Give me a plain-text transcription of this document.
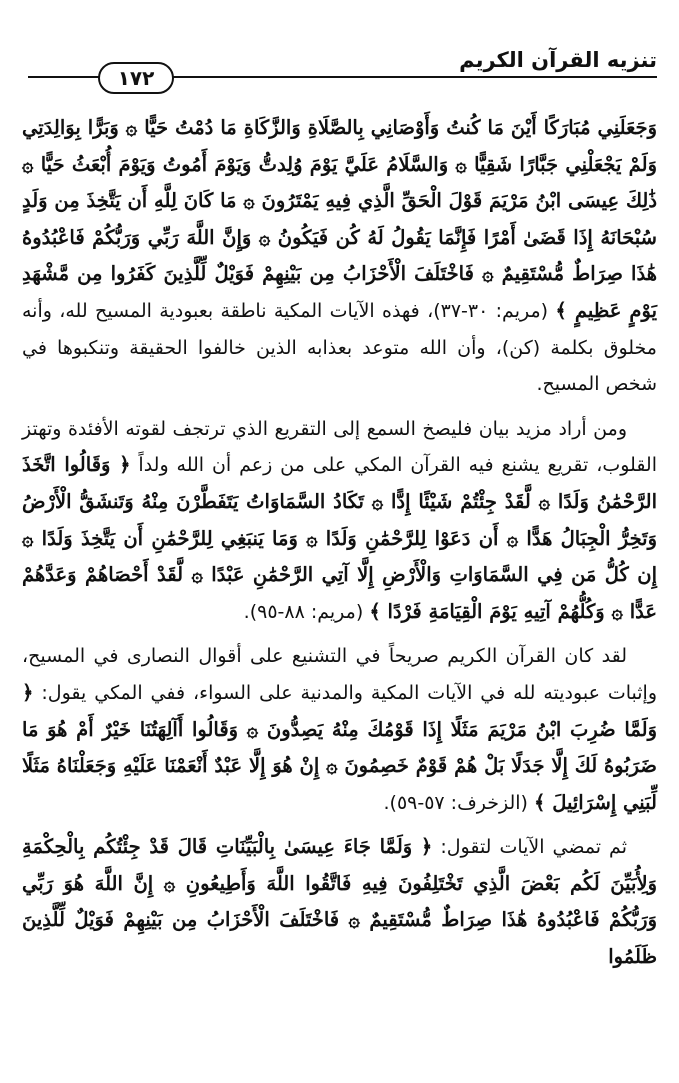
تنزيه القرآن الكريم
١٧٢

وَجَعَلَنِي مُبَارَكًا أَيْنَ مَا كُنتُ وَأَوْصَانِي بِالصَّلَاةِ وَالزَّكَاةِ مَا دُمْتُ حَيًّا ۞ وَبَرًّا بِوَالِدَتِي وَلَمْ يَجْعَلْنِي جَبَّارًا شَقِيًّا ۞ وَالسَّلَامُ عَلَيَّ يَوْمَ وُلِدتُّ وَيَوْمَ أَمُوتُ وَيَوْمَ أُبْعَثُ حَيًّا ۞ ذَٰلِكَ عِيسَى ابْنُ مَرْيَمَ قَوْلَ الْحَقِّ الَّذِي فِيهِ يَمْتَرُونَ ۞ مَا كَانَ لِلَّهِ أَن يَتَّخِذَ مِن وَلَدٍ سُبْحَانَهُ إِذَا قَضَىٰ أَمْرًا فَإِنَّمَا يَقُولُ لَهُ كُن فَيَكُونُ ۞ وَإِنَّ اللَّهَ رَبِّي وَرَبُّكُمْ فَاعْبُدُوهُ هَٰذَا صِرَاطٌ مُّسْتَقِيمٌ ۞ فَاخْتَلَفَ الْأَحْزَابُ مِن بَيْنِهِمْ فَوَيْلٌ لِّلَّذِينَ كَفَرُوا مِن مَّشْهَدِ يَوْمٍ عَظِيمٍ ﴾ (مريم: ٣٠-٣٧)، فهذه الآيات المكية ناطقة بعبودية المسيح لله، وأنه مخلوق بكلمة (كن)، وأن الله متوعد بعذابه الذين خالفوا الحقيقة وتنكبوها في شخص المسيح.

ومن أراد مزيد بيان فليصخ السمع إلى التقريع الذي ترتجف لقوته الأفئدة وتهتز القلوب، تقريع يشنع فيه القرآن المكي على من زعم أن الله ولداً ﴿ وَقَالُوا اتَّخَذَ الرَّحْمَٰنُ وَلَدًا ۞ لَّقَدْ جِئْتُمْ شَيْئًا إِدًّا ۞ تَكَادُ السَّمَاوَاتُ يَتَفَطَّرْنَ مِنْهُ وَتَنشَقُّ الْأَرْضُ وَتَخِرُّ الْجِبَالُ هَدًّا ۞ أَن دَعَوْا لِلرَّحْمَٰنِ وَلَدًا ۞ وَمَا يَنبَغِي لِلرَّحْمَٰنِ أَن يَتَّخِذَ وَلَدًا ۞ إِن كُلُّ مَن فِي السَّمَاوَاتِ وَالْأَرْضِ إِلَّا آتِي الرَّحْمَٰنِ عَبْدًا ۞ لَّقَدْ أَحْصَاهُمْ وَعَدَّهُمْ عَدًّا ۞ وَكُلُّهُمْ آتِيهِ يَوْمَ الْقِيَامَةِ فَرْدًا ﴾ (مريم: ٨٨-٩٥).

لقد كان القرآن الكريم صريحاً في التشنيع على أقوال النصارى في المسيح، وإثبات عبوديته لله في الآيات المكية والمدنية على السواء، ففي المكي يقول: ﴿ وَلَمَّا ضُرِبَ ابْنُ مَرْيَمَ مَثَلًا إِذَا قَوْمُكَ مِنْهُ يَصِدُّونَ ۞ وَقَالُوا أَآلِهَتُنَا خَيْرٌ أَمْ هُوَ مَا ضَرَبُوهُ لَكَ إِلَّا جَدَلًا بَلْ هُمْ قَوْمٌ خَصِمُونَ ۞ إِنْ هُوَ إِلَّا عَبْدٌ أَنْعَمْنَا عَلَيْهِ وَجَعَلْنَاهُ مَثَلًا لِّبَنِي إِسْرَائِيلَ ﴾ (الزخرف: ٥٧-٥٩).

ثم تمضي الآيات لتقول: ﴿ وَلَمَّا جَاءَ عِيسَىٰ بِالْبَيِّنَاتِ قَالَ قَدْ جِئْتُكُم بِالْحِكْمَةِ وَلِأُبَيِّنَ لَكُم بَعْضَ الَّذِي تَخْتَلِفُونَ فِيهِ فَاتَّقُوا اللَّهَ وَأَطِيعُونِ ۞ إِنَّ اللَّهَ هُوَ رَبِّي وَرَبُّكُمْ فَاعْبُدُوهُ هَٰذَا صِرَاطٌ مُّسْتَقِيمٌ ۞ فَاخْتَلَفَ الْأَحْزَابُ مِن بَيْنِهِمْ فَوَيْلٌ لِّلَّذِينَ ظَلَمُوا
